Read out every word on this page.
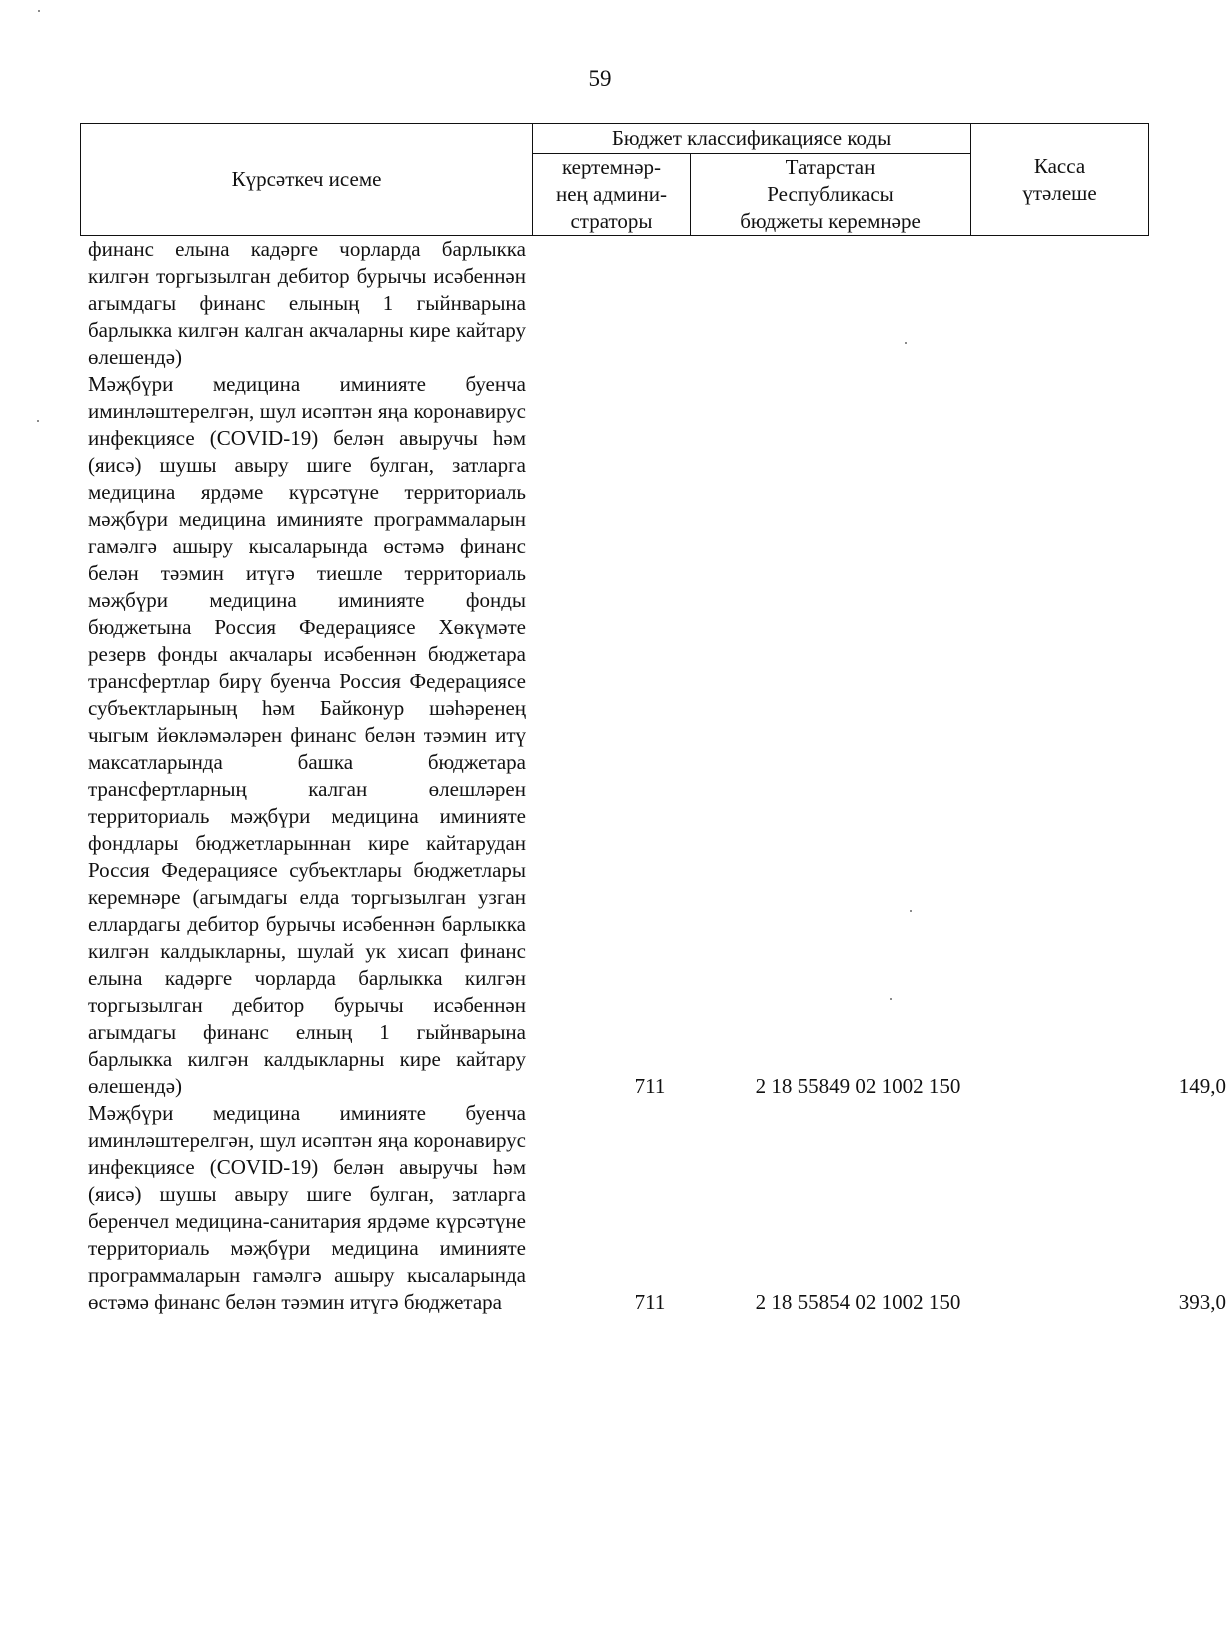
59
Күрсәткеч исеме	Бюджет классификациясе коды		Касса
үтәлеше
	кертемнәр-
нең админи-
страторы	Татарстан
Республикасы
бюджеты керемнәре	
финанс елына кадәрге чорларда барлыкка килгән торгызылган дебитор бурычы исәбеннән агымдагы финанс елының 1 гыйнварына барлыкка килгән калган акчаларны кире кайтару өлешендә)
Мәҗбүри медицина иминияте буенча иминләштерелгән, шул исәптән яңа коронавирус инфекциясе (COVID-19) белән авыручы һәм (яисә) шушы авыру шиге булган, затларга медицина ярдәме күрсәтүне территориаль мәҗбүри медицина иминияте программаларын гамәлгә ашыру кысаларында өстәмә финанс белән тәэмин итүгә тиешле территориаль мәҗбүри медицина иминияте фонды бюджетына Россия Федерациясе Хөкүмәте резерв фонды акчалары исәбеннән бюджетара трансфертлар бирү буенча Россия Федерациясе субъектларының һәм Байконур шәһәренең чыгым йөкләмәләрен финанс белән тәэмин итү максатларында башка бюджетара трансфертларның калган өлешләрен территориаль мәҗбүри медицина иминияте фондлары бюджетларыннан кире кайтарудан Россия Федерациясе субъектлары бюджетлары керемнәре (агымдагы елда торгызылган узган еллардагы дебитор бурычы исәбеннән барлыкка килгән калдыкларны, шулай ук хисап финанс елына кадәрге чорларда барлыкка килгән торгызылган дебитор бурычы исәбеннән агымдагы финанс елның 1 гыйнварына барлыкка килгән калдыкларны кире кайтару өлешендә)	711	2 18 55849 02 1002 150	149,0
Мәҗбүри медицина иминияте буенча иминләштерелгән, шул исәптән яңа коронавирус инфекциясе (COVID-19) белән авыручы һәм (яисә) шушы авыру шиге булган, затларга беренчел медицина-санитария ярдәме күрсәтүне территориаль мәҗбүри медицина иминияте программаларын гамәлгә ашыру кысаларында өстәмә финанс белән тәэмин итүгә бюджетара	711	2 18 55854 02 1002 150	393,0
